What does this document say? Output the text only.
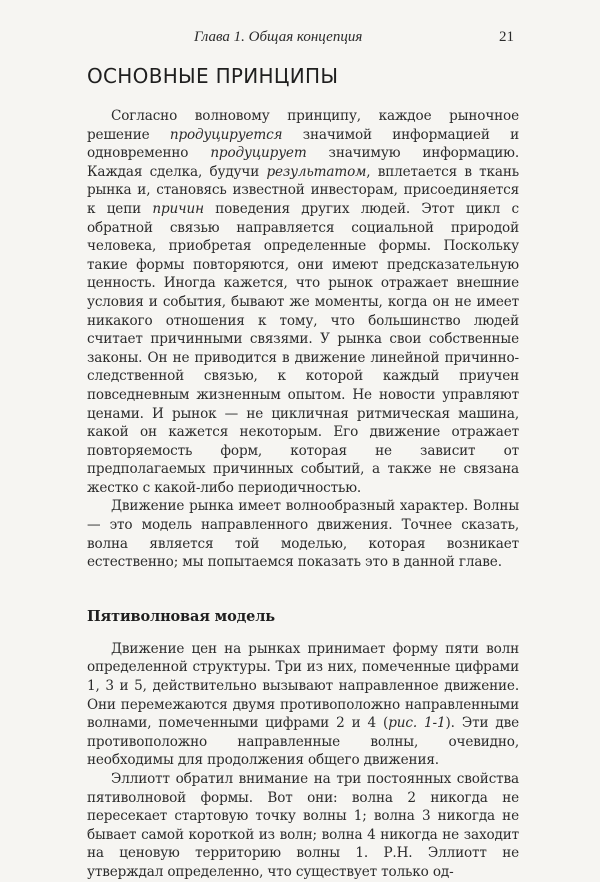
Глава 1. Общая концепция	21
ОСНОВНЫЕ ПРИНЦИПЫ

Согласно волновому принципу, каждое рыночное решение продуцируется значимой информацией и одновременно продуцирует значимую информацию. Каждая сделка, будучи результатом, вплетается в ткань рынка и, становясь известной инвесторам, присоединяется к цепи причин поведения других людей. Этот цикл с обратной связью направляется социальной природой человека, приобретая определенные формы. Поскольку такие формы повторяются, они имеют предсказательную ценность. Иногда кажется, что рынок отражает внешние условия и события, бывают же моменты, когда он не имеет никакого отношения к тому, что большинство людей считает причинными связями. У рынка свои собственные законы. Он не приводится в движение линейной причинно-следственной связью, к которой каждый приучен повседневным жизненным опытом. Не новости управляют ценами. И рынок — не цикличная ритмическая машина, какой он кажется некоторым. Его движение отражает повторяемость форм, которая не зависит от предполагаемых причинных событий, а также не связана жестко с какой-либо периодичностью.

Движение рынка имеет волнообразный характер. Волны — это модель направленного движения. Точнее сказать, волна является той моделью, которая возникает естественно; мы попытаемся показать это в данной главе.

Пятиволновая модель

Движение цен на рынках принимает форму пяти волн определенной структуры. Три из них, помеченные цифрами 1, 3 и 5, действительно вызывают направленное движение. Они перемежаются двумя противоположно направленными волнами, помеченными цифрами 2 и 4 (рис. 1-1). Эти две противоположно направленные волны, очевидно, необходимы для продолжения общего движения.

Эллиотт обратил внимание на три постоянных свойства пятиволновой формы. Вот они: волна 2 никогда не пересекает стартовую точку волны 1; волна 3 никогда не бывает самой короткой из волн; волна 4 никогда не заходит на ценовую территорию волны 1. Р.Н. Эллиотт не утверждал определенно, что существует только од-
